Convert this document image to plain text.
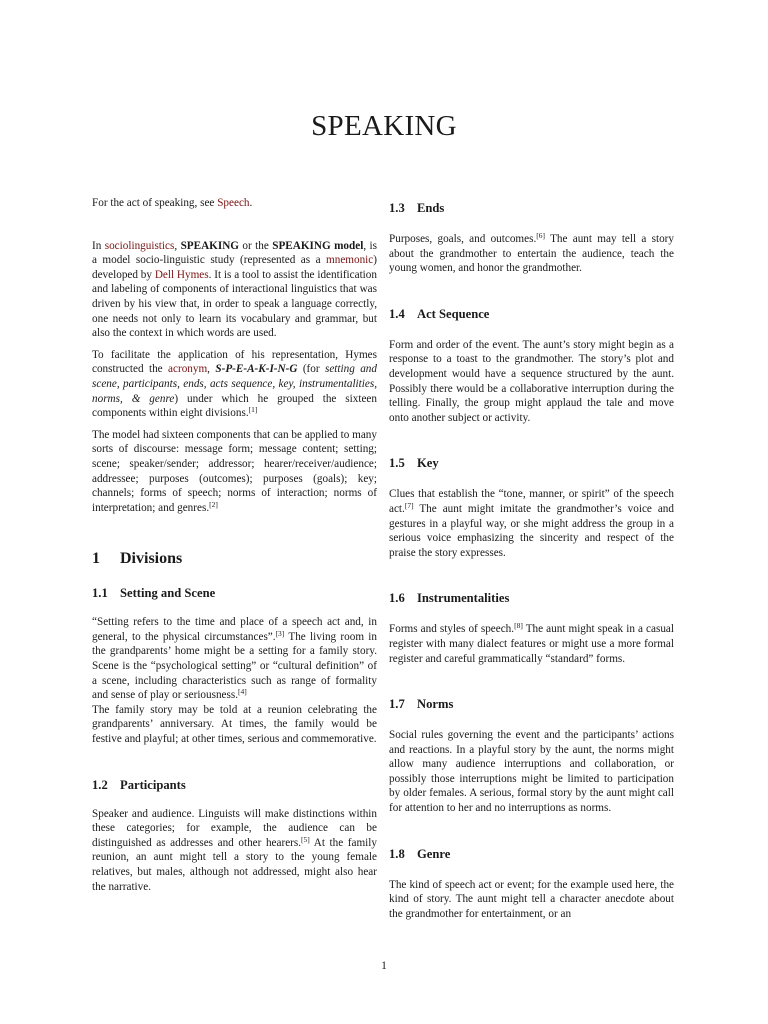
SPEAKING

For the act of speaking, see Speech.

In sociolinguistics, SPEAKING or the SPEAKING model, is a model socio-linguistic study (represented as a mnemonic) developed by Dell Hymes. It is a tool to assist the identification and labeling of components of interactional linguistics that was driven by his view that, in order to speak a language correctly, one needs not only to learn its vocabulary and grammar, but also the context in which words are used.

To facilitate the application of his representation, Hymes constructed the acronym, S-P-E-A-K-I-N-G (for setting and scene, participants, ends, acts sequence, key, instrumentalities, norms, & genre) under which he grouped the sixteen components within eight divisions.[1]

The model had sixteen components that can be applied to many sorts of discourse: message form; message content; setting; scene; speaker/sender; addressor; hearer/receiver/audience; addressee; purposes (outcomes); purposes (goals); key; channels; forms of speech; norms of interaction; norms of interpretation; and genres.[2]

1 Divisions
1.1 Setting and Scene

“Setting refers to the time and place of a speech act and, in general, to the physical circumstances”.[3] The living room in the grandparents’ home might be a setting for a family story. Scene is the “psychological setting” or “cultural definition” of a scene, including characteristics such as range of formality and sense of play or seriousness.[4]

The family story may be told at a reunion celebrating the grandparents’ anniversary. At times, the family would be festive and playful; at other times, serious and commemorative.

1.2 Participants

Speaker and audience. Linguists will make distinctions within these categories; for example, the audience can be distinguished as addresses and other hearers.[5] At the family reunion, an aunt might tell a story to the young female relatives, but males, although not addressed, might also hear the narrative.

1.3 Ends

Purposes, goals, and outcomes.[6] The aunt may tell a story about the grandmother to entertain the audience, teach the young women, and honor the grandmother.

1.4 Act Sequence

Form and order of the event. The aunt’s story might begin as a response to a toast to the grandmother. The story’s plot and development would have a sequence structured by the aunt. Possibly there would be a collaborative interruption during the telling. Finally, the group might applaud the tale and move onto another subject or activity.

1.5 Key

Clues that establish the “tone, manner, or spirit” of the speech act.[7] The aunt might imitate the grandmother’s voice and gestures in a playful way, or she might address the group in a serious voice emphasizing the sincerity and respect of the praise the story expresses.

1.6 Instrumentalities

Forms and styles of speech.[8] The aunt might speak in a casual register with many dialect features or might use a more formal register and careful grammatically “standard” forms.

1.7 Norms

Social rules governing the event and the participants’ actions and reactions. In a playful story by the aunt, the norms might allow many audience interruptions and collaboration, or possibly those interruptions might be limited to participation by older females. A serious, formal story by the aunt might call for attention to her and no interruptions as norms.

1.8 Genre

The kind of speech act or event; for the example used here, the kind of story. The aunt might tell a character anecdote about the grandmother for entertainment, or an

1
